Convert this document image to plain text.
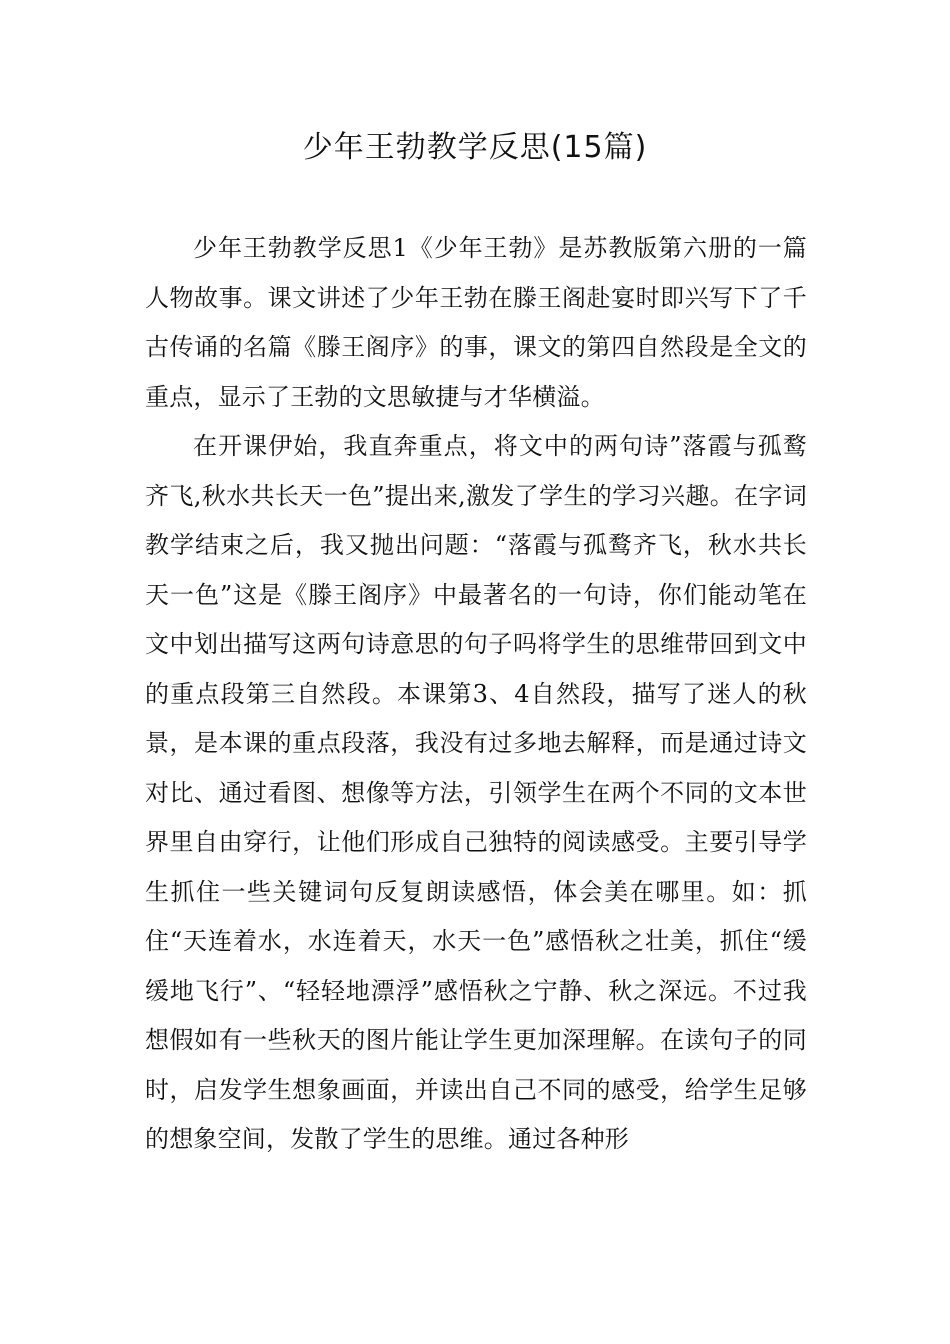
少年王勃教学反思(15篇)

少年王勃教学反思1《少年王勃》是苏教版第六册的一篇人物故事。课文讲述了少年王勃在滕王阁赴宴时即兴写下了千古传诵的名篇《滕王阁序》的事，课文的第四自然段是全文的重点，显示了王勃的文思敏捷与才华横溢。

在开课伊始，我直奔重点，将文中的两句诗”落霞与孤鹜齐飞,秋水共长天一色”提出来,激发了学生的学习兴趣。在字词教学结束之后，我又抛出问题：“落霞与孤鹜齐飞，秋水共长天一色”这是《滕王阁序》中最著名的一句诗，你们能动笔在文中划出描写这两句诗意思的句子吗将学生的思维带回到文中的重点段第三自然段。本课第3、4自然段，描写了迷人的秋景，是本课的重点段落，我没有过多地去解释，而是通过诗文对比、通过看图、想像等方法，引领学生在两个不同的文本世界里自由穿行，让他们形成自己独特的阅读感受。主要引导学生抓住一些关键词句反复朗读感悟，体会美在哪里。如：抓住“天连着水，水连着天，水天一色”感悟秋之壮美，抓住“缓缓地飞行”、“轻轻地漂浮”感悟秋之宁静、秋之深远。不过我想假如有一些秋天的图片能让学生更加深理解。在读句子的同时，启发学生想象画面，并读出自己不同的感受，给学生足够的想象空间，发散了学生的思维。通过各种形
